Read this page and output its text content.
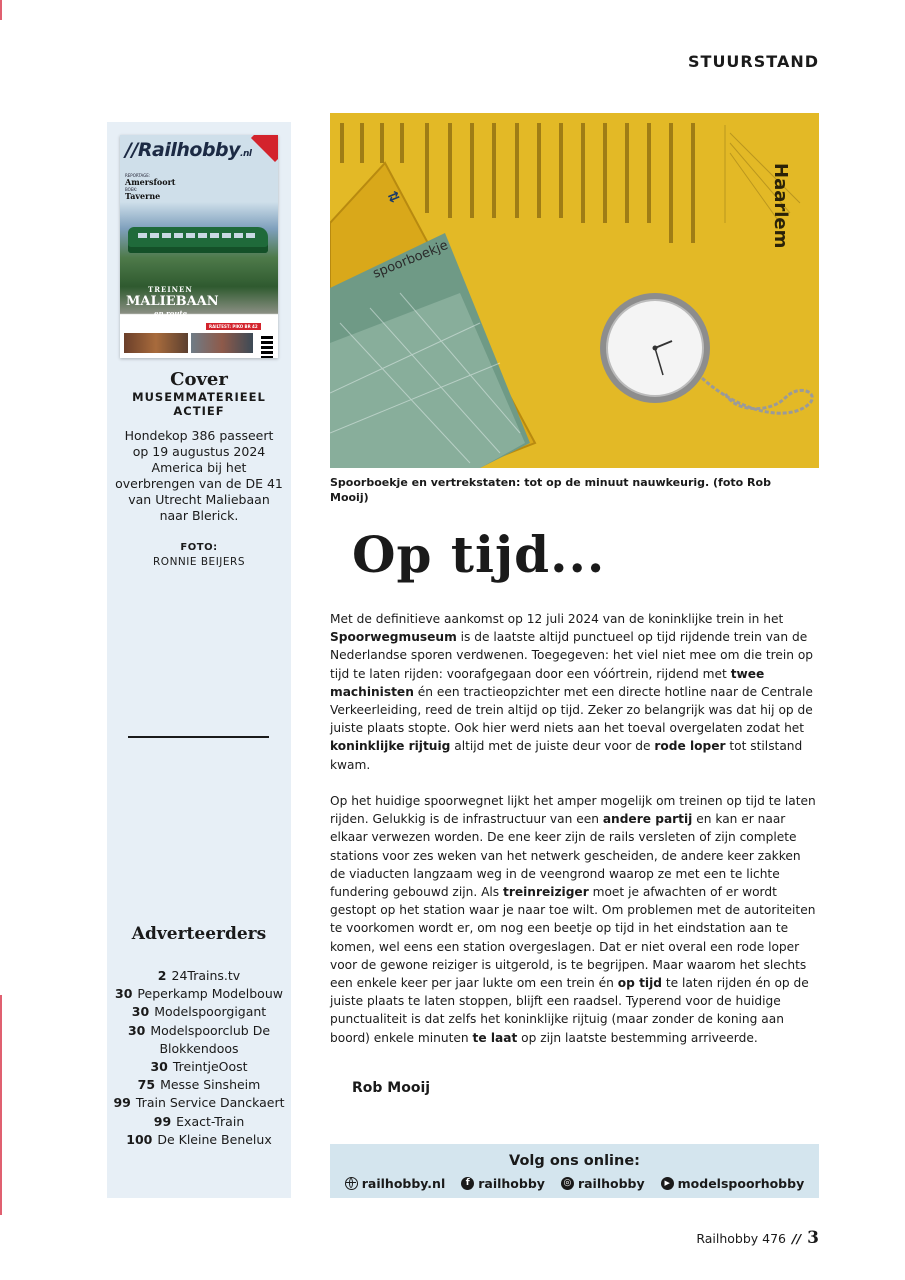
STUURSTAND
//Railhobby.nl
REPORTAGE:
Amersfoort
BOEK:
Taverne
TREINEN
MALIEBAAN
en route
RAILTEST: PIKO BR 42
Cover
MUSEMMATERIEEL ACTIEF
Hondekop 386 passeert op 19 augustus 2024 America bij het overbrengen van de DE 41 van Utrecht Maliebaan naar Blerick.
FOTO:
RONNIE BEIJERS
Adverteerders
2 24Trains.tv
30 Peperkamp Modelbouw
30 Modelspoorgigant
30 Modelspoorclub De Blokkendoos
30 TreintjeOost
75 Messe Sinsheim
99 Train Service Danckaert
99 Exact-Train
100 De Kleine Benelux
Haarlem
spoorboekje
⇄
Spoorboekje en vertrekstaten: tot op de minuut nauwkeurig. (foto Rob Mooij)
Op tijd...

Met de definitieve aankomst op 12 juli 2024 van de koninklijke trein in het Spoorwegmuseum is de laatste altijd punctueel op tijd rijdende trein van de Nederlandse sporen verdwenen. Toegegeven: het viel niet mee om die trein op tijd te laten rijden: voorafgegaan door een vóórtrein, rijdend met twee machinisten én een tractieopzichter met een directe hotline naar de Centrale Verkeerleiding, reed de trein altijd op tijd. Zeker zo belangrijk was dat hij op de juiste plaats stopte. Ook hier werd niets aan het toeval overgelaten zodat het koninklijke rijtuig altijd met de juiste deur voor de rode loper tot stilstand kwam.

Op het huidige spoorwegnet lijkt het amper mogelijk om treinen op tijd te laten rijden. Gelukkig is de infrastructuur van een andere partij en kan er naar elkaar verwezen worden. De ene keer zijn de rails versleten of zijn complete stations voor zes weken van het netwerk gescheiden, de andere keer zakken de viaducten langzaam weg in de veengrond waarop ze met een te lichte fundering gebouwd zijn. Als treinreiziger moet je afwachten of er wordt gestopt op het station waar je naar toe wilt. Om problemen met de autoriteiten te voorkomen wordt er, om nog een beetje op tijd in het eindstation aan te komen, wel eens een station overgeslagen. Dat er niet overal een rode loper voor de gewone reiziger is uitgerold, is te begrijpen. Maar waarom het slechts een enkele keer per jaar lukte om een trein én op tijd te laten rijden én op de juiste plaats te laten stoppen, blijft een raadsel. Typerend voor de huidige punctualiteit is dat zelfs het koninklijke rijtuig (maar zonder de koning aan boord) enkele minuten te laat op zijn laatste bestemming arriveerde.

Rob Mooij
Volg ons online:
railhobby.nl	f railhobby ◎ railhobby	▶ modelspoorhobby
Railhobby 476 // 3
